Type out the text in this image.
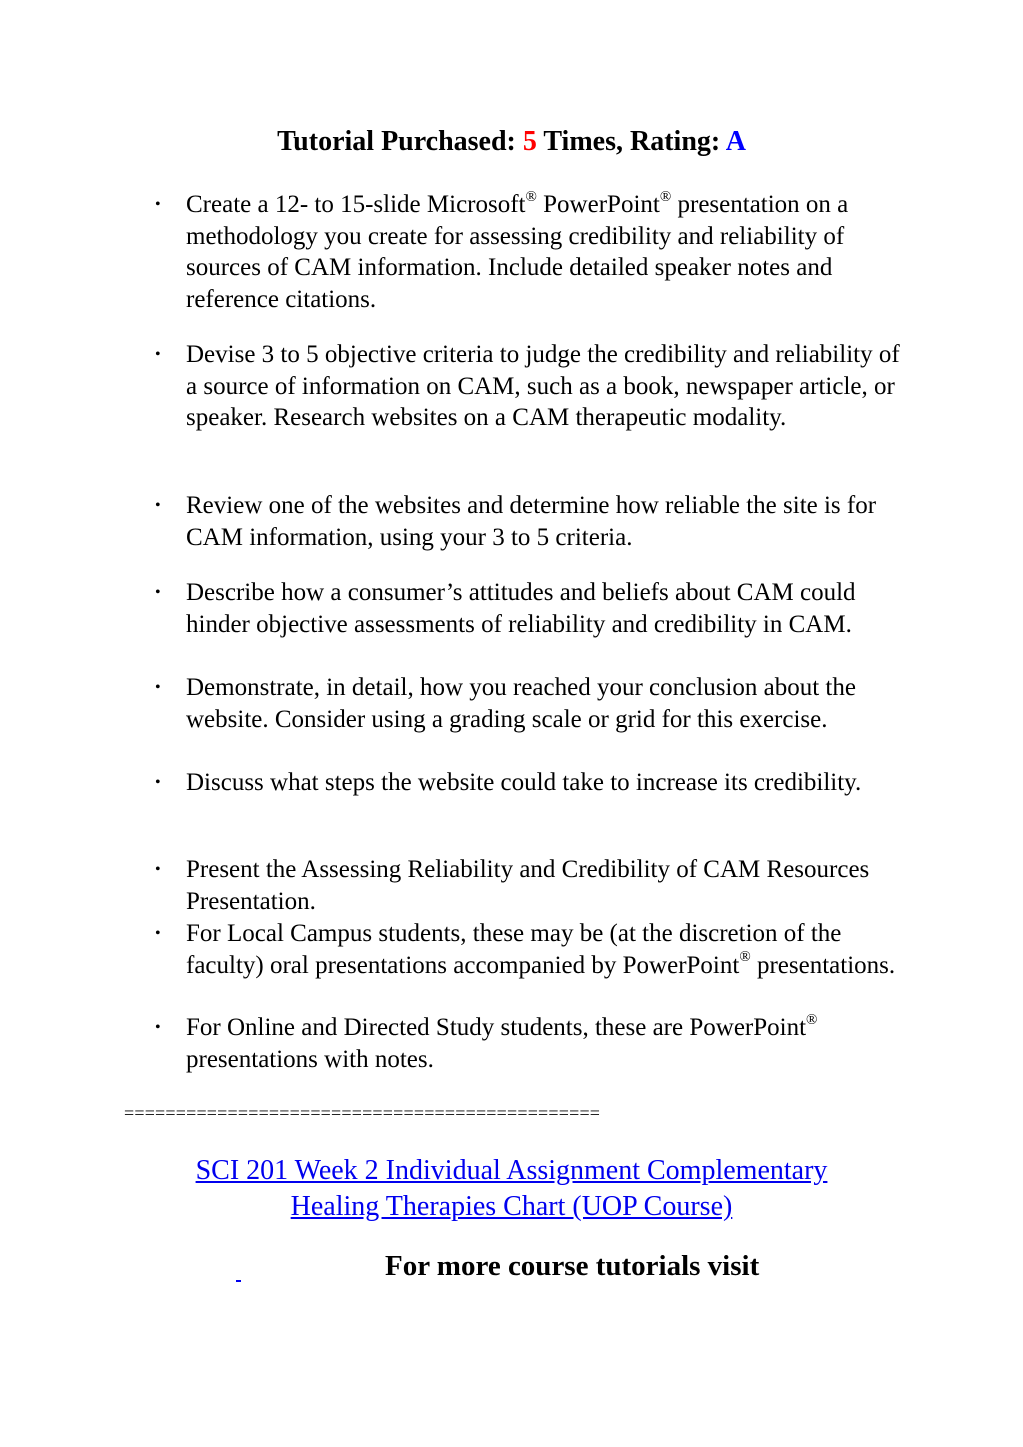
Tutorial Purchased: 5 Times, Rating: A
• Create a 12- to 15-slide Microsoft® PowerPoint® presentation on a methodology you create for assessing credibility and reliability of sources of CAM information. Include detailed speaker notes and reference citations.
• Devise 3 to 5 objective criteria to judge the credibility and reliability of a source of information on CAM, such as a book, newspaper article, or speaker. Research websites on a CAM therapeutic modality.
• Review one of the websites and determine how reliable the site is for CAM information, using your 3 to 5 criteria.
• Describe how a consumer’s attitudes and beliefs about CAM could hinder objective assessments of reliability and credibility in CAM.
• Demonstrate, in detail, how you reached your conclusion about the website. Consider using a grading scale or grid for this exercise.
• Discuss what steps the website could take to increase its credibility.
• Present the Assessing Reliability and Credibility of CAM Resources Presentation.
• For Local Campus students, these may be (at the discretion of the faculty) oral presentations accompanied by PowerPoint® presentations.
• For Online and Directed Study students, these are PowerPoint® presentations with notes.
==============================================
SCI 201 Week 2 Individual Assignment Complementary
Healing Therapies Chart (UOP Course)

For more course tutorials visit
